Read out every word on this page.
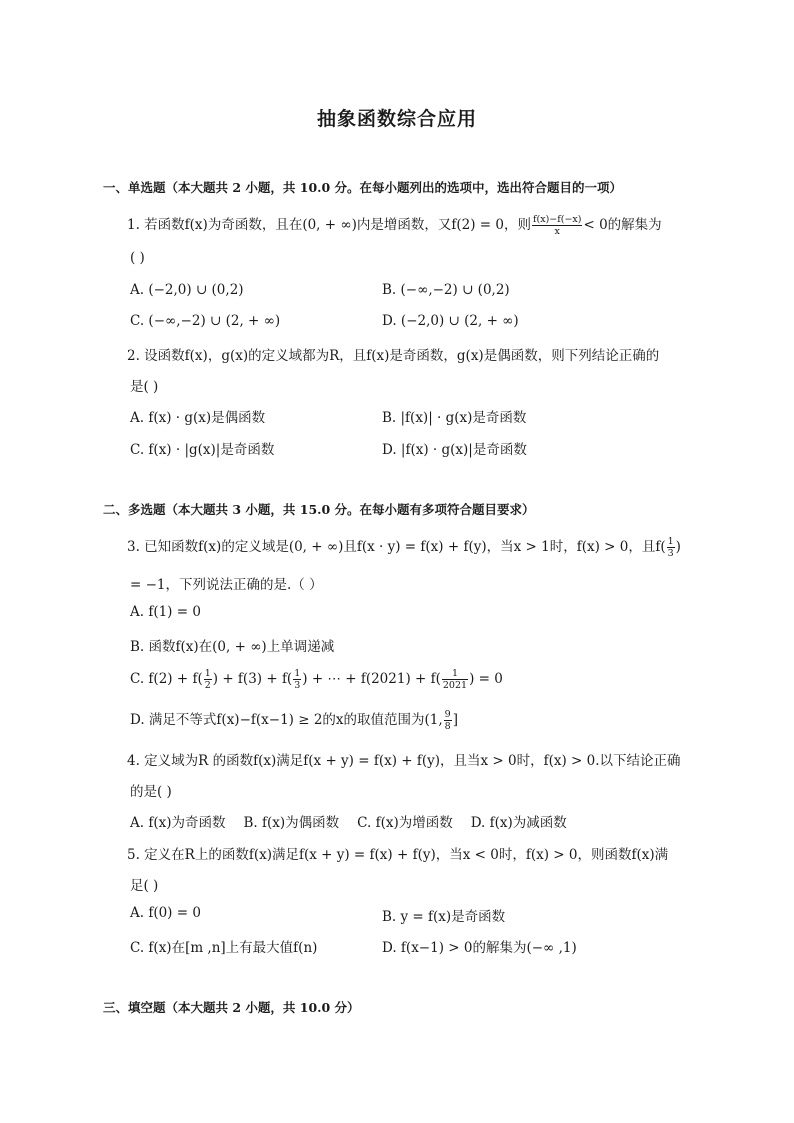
抽象函数综合应用
一、单选题（本大题共 2 小题，共 10.0 分。在每小题列出的选项中，选出符合题目的一项）
1. 若函数f(x)为奇函数，且在(0, + ∞)内是增函数，又f(2) = 0，则 $\frac{f(x)-f(-x)}{x} < 0$的解集为
( )
A. (−2,0) ∪ (0,2)	B. (−∞,−2) ∪ (0,2)
C. (−∞,−2) ∪ (2, + ∞)	D. (−2,0) ∪ (2, + ∞)
2. 设函数f(x)，g(x)的定义域都为R，且f(x)是奇函数，g(x)是偶函数，则下列结论正确的
是( )
A. f(x) · g(x)是偶函数	B. |f(x)| · g(x)是奇函数
C. f(x) · |g(x)|是奇函数	D. |f(x) · g(x)|是奇函数
二、多选题（本大题共 3 小题，共 15.0 分。在每小题有多项符合题目要求）
3. 已知函数f(x)的定义域是(0, + ∞)且f(x · y) = f(x) + f(y)，当x > 1时，f(x) > 0，且$f( \frac{1}{3}$ )
= −1，下列说法正确的是.（ ）
A. f(1) = 0
B. 函数f(x)在(0, + ∞)上单调递减
C. $f(2) + f( \frac{1}{2}$ ) + $f(3) + f( \frac{1}{3}$ ) + ⋯ + $f(2021) + f( \frac{1}{2021}$ ) = 0
D. 满足不等式f(x)−f(x−1) ≥ 2的x的取值范围为(1, $\frac{9}{8}$ ]
4. 定义域为R 的函数f(x)满足f(x + y) = f(x) + f(y)，且当x > 0时，f(x) > 0.以下结论正确
的是( )
A. f(x)为奇函数 B. f(x)为偶函数 C. f(x)为增函数 D. f(x)为减函数
5. 定义在R上的函数f(x)满足f(x + y) = f(x) + f(y)，当x < 0时，f(x) > 0，则函数f(x)满
足( )
A. f(0) = 0	B. y = f(x)是奇函数
C. f(x)在[m ,n]上有最大值f(n)	D. f(x−1) > 0的解集为(−∞ ,1)
三、填空题（本大题共 2 小题，共 10.0 分）
